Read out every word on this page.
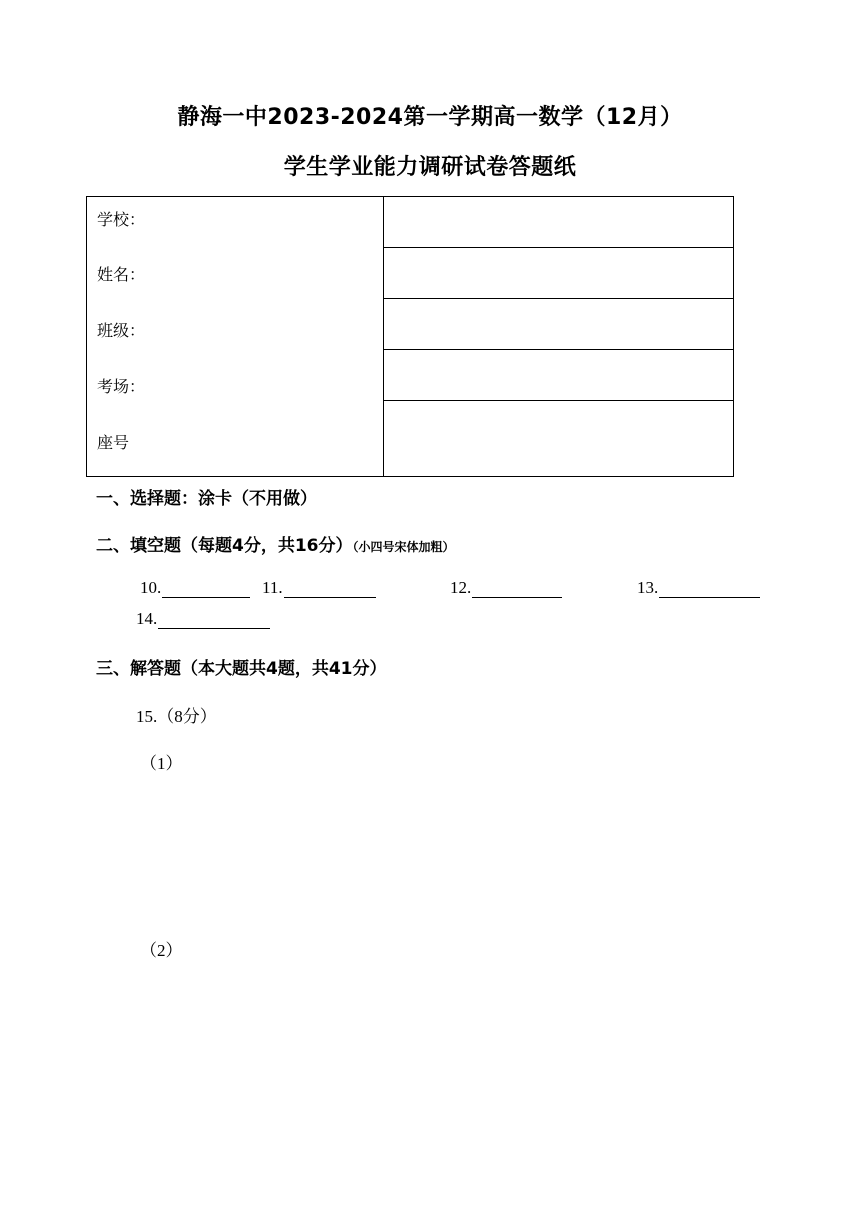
静海一中2023-2024第一学期高一数学（12月）
学生学业能力调研试卷答题纸
学校：
姓名：
班级：
考场：
座号

一、选择题：涂卡（不用做）
二、填空题（每题4分，共16分）（小四号宋体加粗）
10.	11.	12.	13.
14.
三、解答题（本大题共4题，共41分）
15.（8分）
（1）
（2）
